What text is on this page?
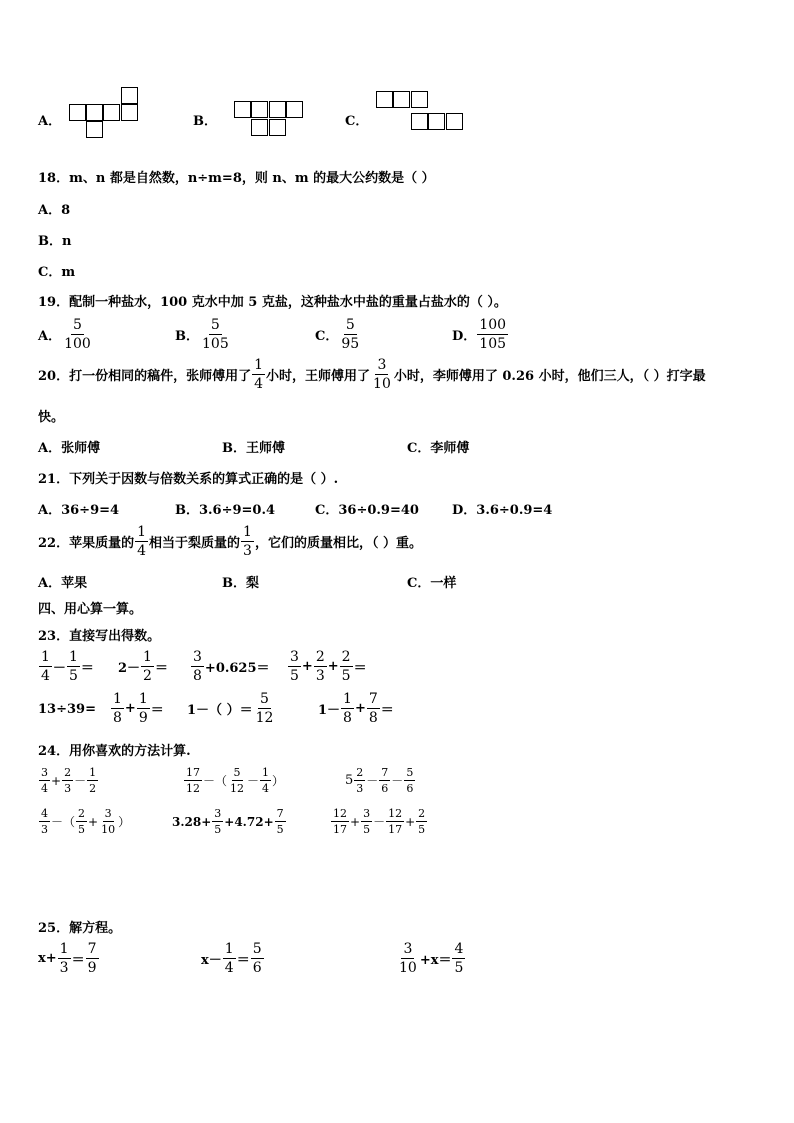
A．	B．	C．
18．m、n 都是自然数，n÷m=8，则 n、m 的最大公约数是（ ）
A．8
B．n
C．m
19．配制一种盐水，100 克水中加 5 克盐，这种盐水中盐的重量占盐水的（ ）。
A． $\frac{5}{100}$	B． $\frac{5}{105}$	C． $\frac{5}{95}$	D． $\frac{100}{105}$
20．打一份相同的稿件，张师傅用了 $\frac{1}{4}$ 小时，王师傅用了 $\frac{3}{10}$ 小时，李师傅用了 0.26 小时，他们三人，（ ）打字最
快。
A．张师傅	B．王师傅	C．李师傅
21．下列关于因数与倍数关系的算式正确的是（ ）.
A．36÷9=4	B．3.6÷9=0.4	C．36÷0.9=40	D．3.6÷0.9=4
22．苹果质量的 $\frac{1}{4}$ 相当于梨质量的 $\frac{1}{3}$ ，它们的质量相比，（ ）重。
A．苹果	B．梨	C．一样
四、用心算一算。
23．直接写出得数。
$\frac{1}{4} - \frac{1}{5} = 2- \frac{1}{2} = \frac{3}{8} +0.625= \frac{3}{5} + \frac{2}{3} + \frac{2}{5}$ ＝
$13\div 39= \frac{1}{8} + \frac{1}{9} = 1-$（ ）＝ $\frac{5}{12}$	$1- \frac{1}{8} + \frac{7}{8}$ ＝
24．用你喜欢的方法计算.
$\frac{3}{4} + \frac{2}{3} - \frac{1}{2}$	$\frac{17}{12}$ －（ $\frac{5}{12} - \frac{1}{4}$ ）	$5 \frac{2}{3} - \frac{7}{6} - \frac{5}{6}$
$\frac{4}{3}$ －（ $\frac{2}{5} + \frac{3}{10}$ ）	$3.28+ \frac{3}{5} +4.72+ \frac{7}{5}$	$\frac{12}{17} + \frac{3}{5} - \frac{12}{17} + \frac{2}{5}$
25．解方程。
$x+ \frac{1}{3} = \frac{7}{9}$	$x- \frac{1}{4} = \frac{5}{6}$	$\frac{3}{10} +x= \frac{4}{5}$
